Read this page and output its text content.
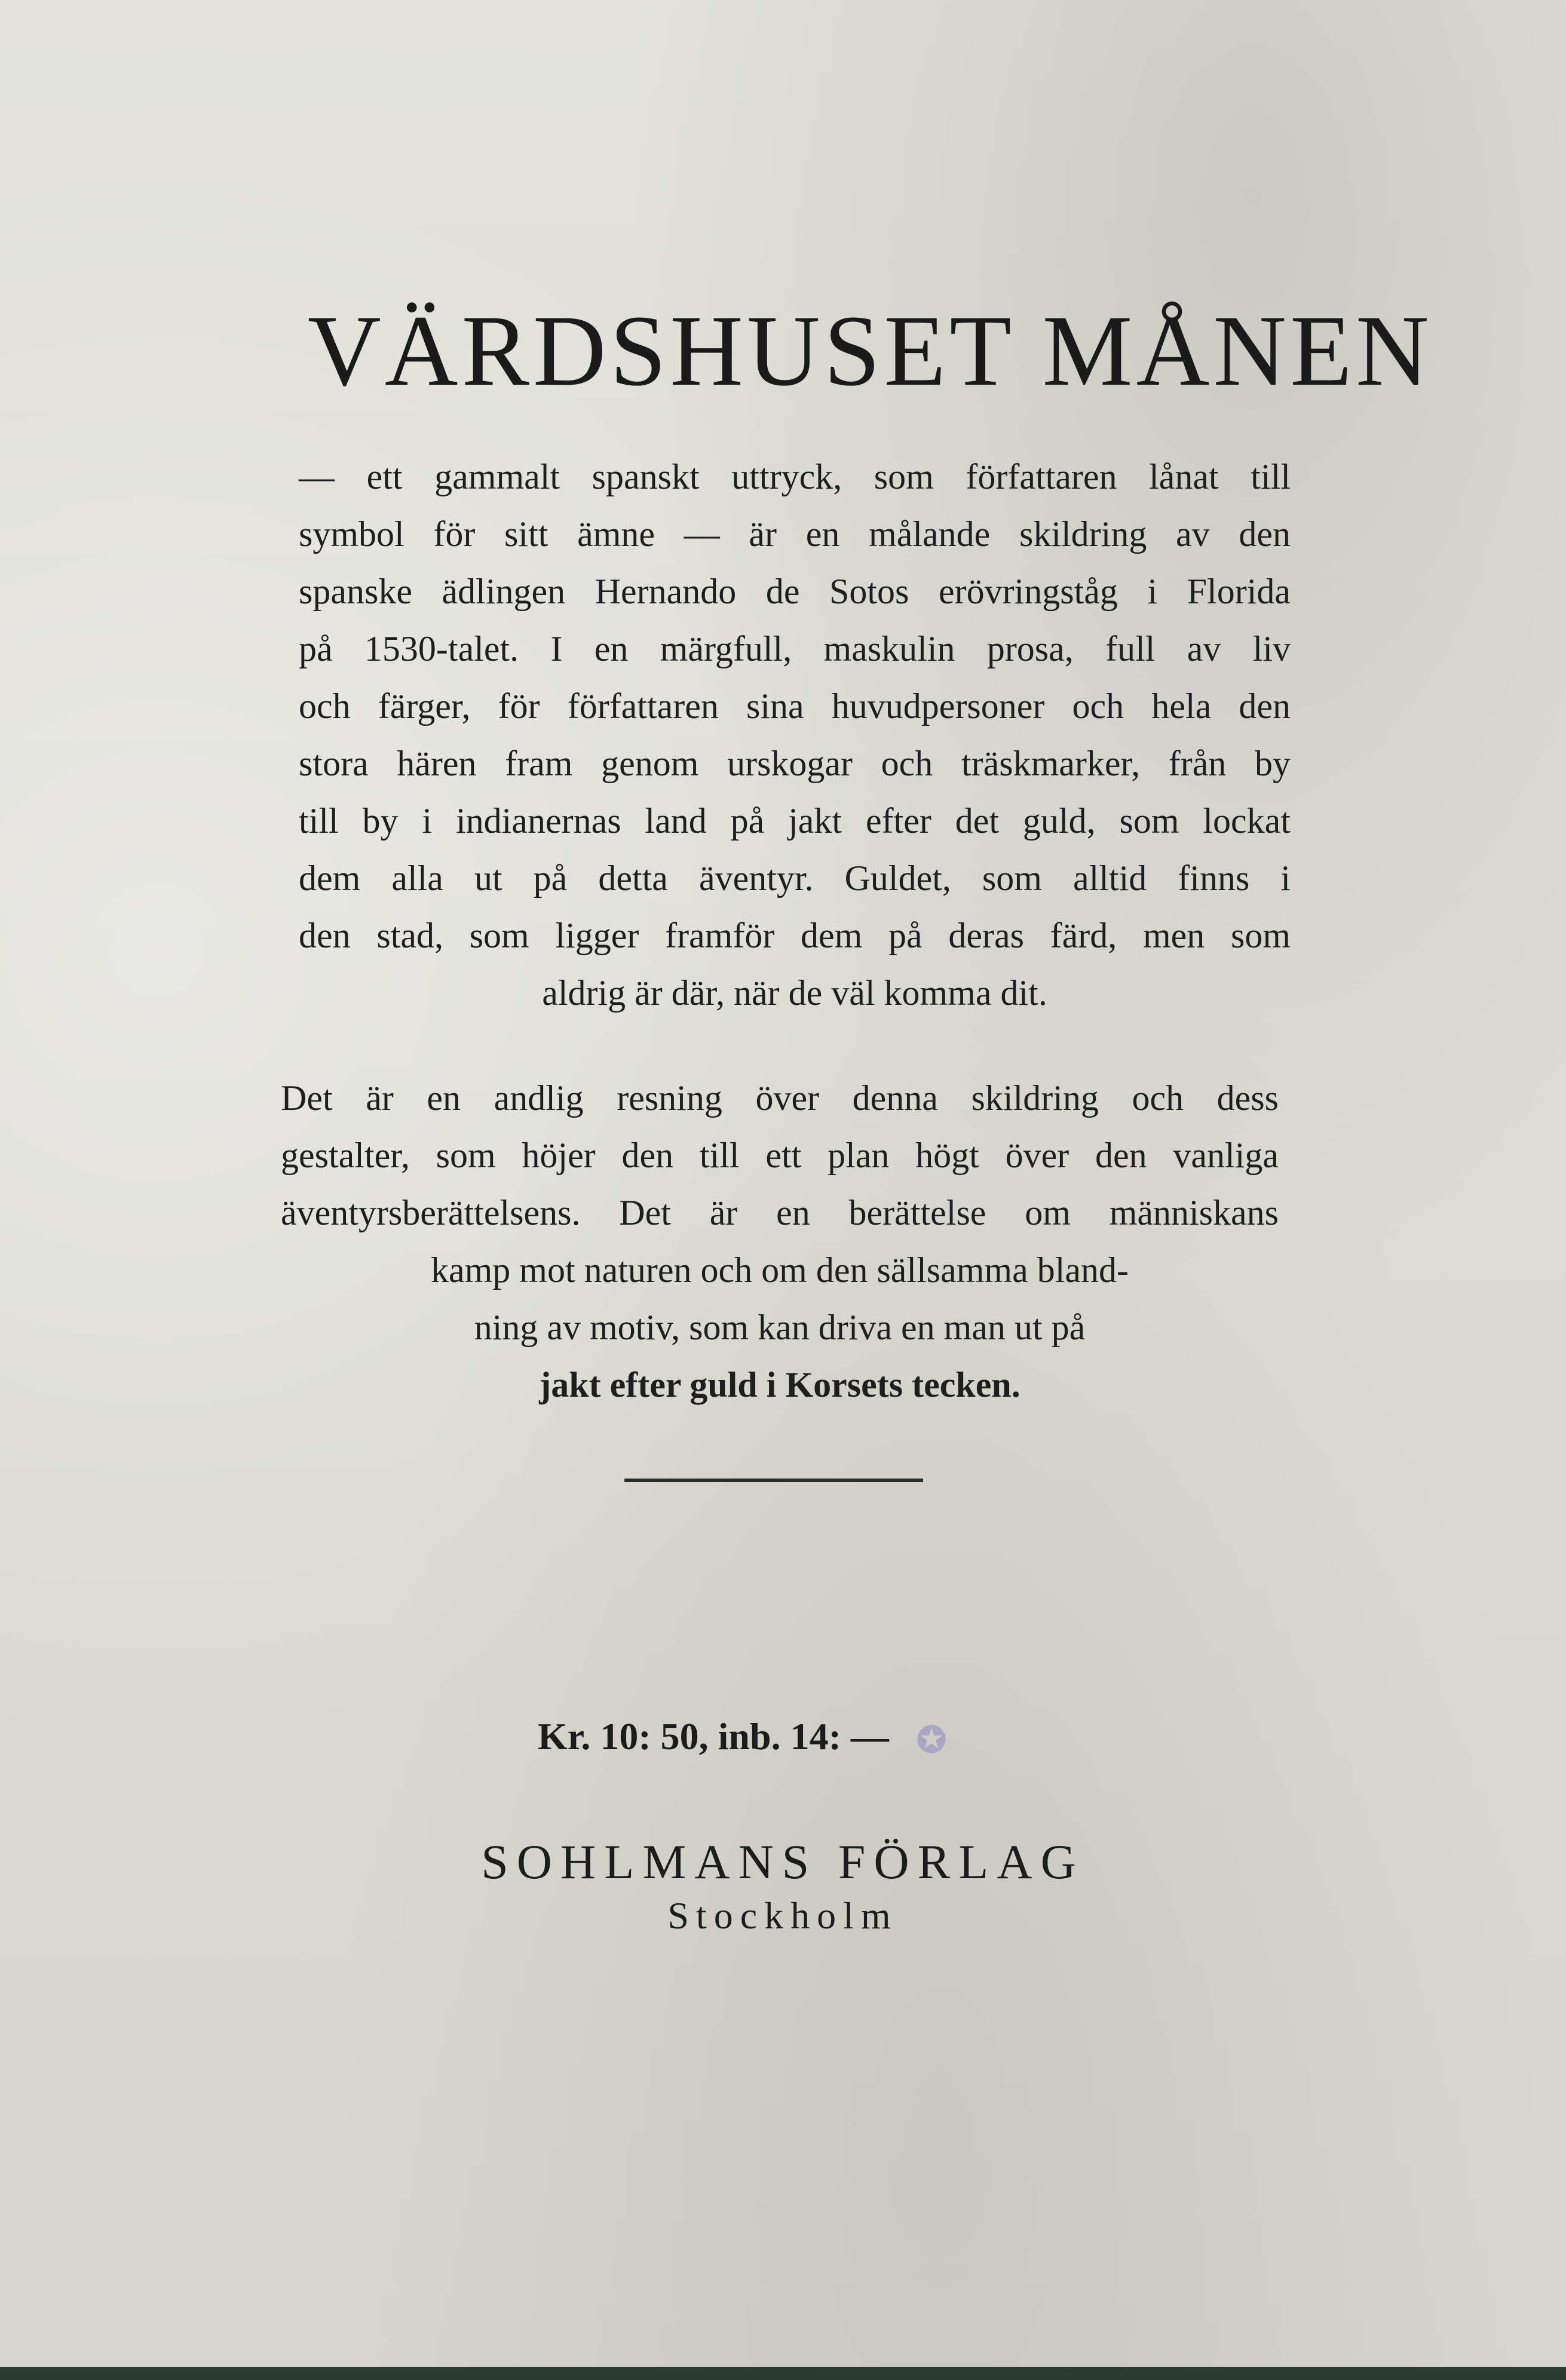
VÄRDSHUSET MÅNEN
— ett gammalt spanskt uttryck, som författaren lånat till
symbol för sitt ämne — är en målande skildring av den
spanske ädlingen Hernando de Sotos erövringståg i Florida
på 1530-talet. I en märgfull, maskulin prosa, full av liv
och färger, för författaren sina huvudpersoner och hela den
stora hären fram genom urskogar och träskmarker, från by
till by i indianernas land på jakt efter det guld, som lockat
dem alla ut på detta äventyr. Guldet, som alltid finns i
den stad, som ligger framför dem på deras färd, men som
aldrig är där, när de väl komma dit.
Det är en andlig resning över denna skildring och dess
gestalter, som höjer den till ett plan högt över den vanliga
äventyrsberättelsens. Det är en berättelse om människans
kamp mot naturen och om den sällsamma bland-
ning av motiv, som kan driva en man ut på
jakt efter guld i Korsets tecken.
Kr. 10: 50, inb. 14: — ✪
SOHLMANS FÖRLAG
Stockholm
